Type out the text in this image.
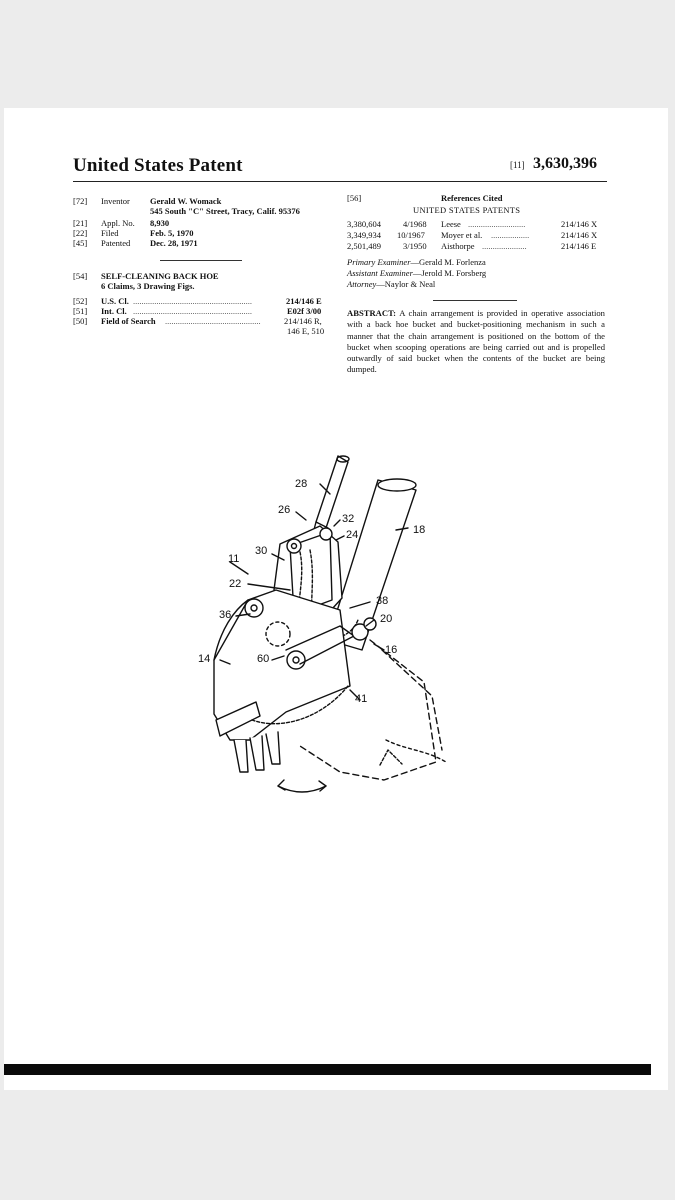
United States Patent	[11] 3,630,396
[72] Inventor Gerald W. Womack
545 South "C" Street, Tracy, Calif. 95376
[21] Appl. No. 8,930
[22] Filed	Feb. 5, 1970
[45] Patented Dec. 28, 1971
[54] SELF-CLEANING BACK HOE
6 Claims, 3 Drawing Figs.
[52] U.S. Cl. ........................................................	214/146 E
[51] Int. Cl. ........................................................	E02f 3/00
[50] Field of Search .............................................	214/146 R,
146 E, 510
[56]	References Cited
UNITED STATES PATENTS
3,380,604	4/1968 Leese ...........................	214/146 X
3,349,934 10/1967 Moyer et al. ..................	214/146 X
2,501,489	3/1950 Aisthorpe .....................	214/146 E
Primary Examiner—Gerald M. Forlenza
Assistant Examiner—Jerold M. Forsberg
Attorney—Naylor & Neal
ABSTRACT: A chain arrangement is provided in operative association with a back hoe bucket and bucket-positioning mechanism in such a manner that the chain arrangement is positioned on the bottom of the bucket when scooping operations are being carried out and is propelled outwardly of said bucket when the contents of the bucket are being dumped.
28
26
32
24	18
11
30
22
38
36	20
16
14	60
41
